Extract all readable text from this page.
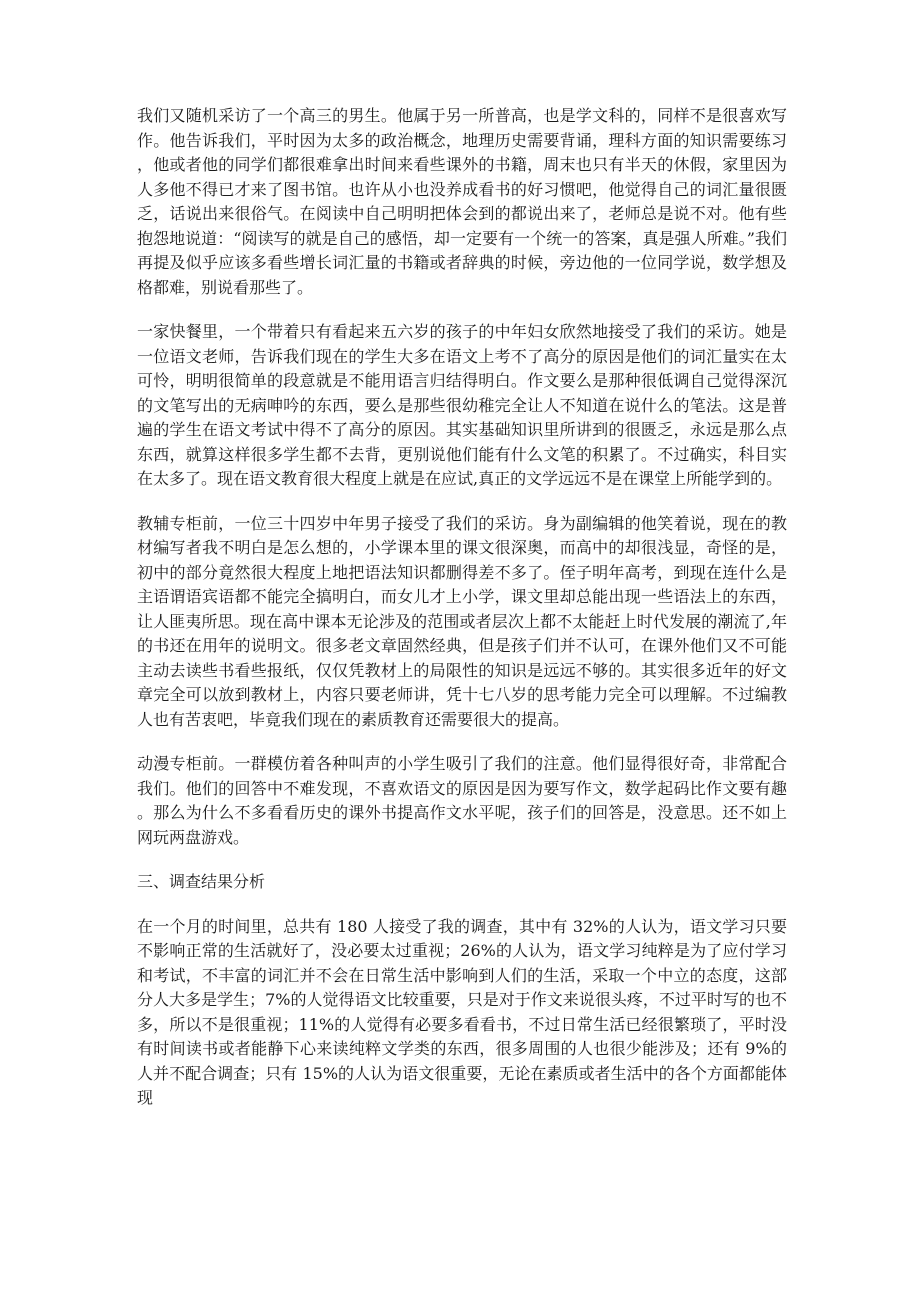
我们又随机采访了一个高三的男生。他属于另一所普高，也是学文科的，同样不是很喜欢写作。他告诉我们，平时因为太多的政治概念，地理历史需要背诵，理科方面的知识需要练习，他或者他的同学们都很难拿出时间来看些课外的书籍，周末也只有半天的休假，家里因为人多他不得已才来了图书馆。也许从小也没养成看书的好习惯吧，他觉得自己的词汇量很匮乏，话说出来很俗气。在阅读中自己明明把体会到的都说出来了，老师总是说不对。他有些抱怨地说道：“阅读写的就是自己的感悟，却一定要有一个统一的答案，真是强人所难。”我们再提及似乎应该多看些增长词汇量的书籍或者辞典的时候，旁边他的一位同学说，数学想及格都难，别说看那些了。

一家快餐里，一个带着只有看起来五六岁的孩子的中年妇女欣然地接受了我们的采访。她是一位语文老师，告诉我们现在的学生大多在语文上考不了高分的原因是他们的词汇量实在太可怜，明明很简单的段意就是不能用语言归结得明白。作文要么是那种很低调自己觉得深沉的文笔写出的无病呻吟的东西，要么是那些很幼稚完全让人不知道在说什么的笔法。这是普遍的学生在语文考试中得不了高分的原因。其实基础知识里所讲到的很匮乏，永远是那么点东西，就算这样很多学生都不去背，更别说他们能有什么文笔的积累了。不过确实，科目实在太多了。现在语文教育很大程度上就是在应试,真正的文学远远不是在课堂上所能学到的。

教辅专柜前，一位三十四岁中年男子接受了我们的采访。身为副编辑的他笑着说，现在的教材编写者我不明白是怎么想的，小学课本里的课文很深奥，而高中的却很浅显，奇怪的是，初中的部分竟然很大程度上地把语法知识都删得差不多了。侄子明年高考，到现在连什么是主语谓语宾语都不能完全搞明白，而女儿才上小学，课文里却总能出现一些语法上的东西，让人匪夷所思。现在高中课本无论涉及的范围或者层次上都不太能赶上时代发展的潮流了,年的书还在用年的说明文。很多老文章固然经典，但是孩子们并不认可，在课外他们又不可能主动去读些书看些报纸，仅仅凭教材上的局限性的知识是远远不够的。其实很多近年的好文章完全可以放到教材上，内容只要老师讲，凭十七八岁的思考能力完全可以理解。不过编教人也有苦衷吧，毕竟我们现在的素质教育还需要很大的提高。

动漫专柜前。一群模仿着各种叫声的小学生吸引了我们的注意。他们显得很好奇，非常配合我们。他们的回答中不难发现，不喜欢语文的原因是因为要写作文，数学起码比作文要有趣。那么为什么不多看看历史的课外书提高作文水平呢，孩子们的回答是，没意思。还不如上网玩两盘游戏。

三、调查结果分析

在一个月的时间里，总共有 180 人接受了我的调查，其中有 32%的人认为，语文学习只要不影响正常的生活就好了，没必要太过重视；26%的人认为，语文学习纯粹是为了应付学习和考试，不丰富的词汇并不会在日常生活中影响到人们的生活，采取一个中立的态度，这部分人大多是学生；7%的人觉得语文比较重要，只是对于作文来说很头疼，不过平时写的也不多，所以不是很重视；11%的人觉得有必要多看看书，不过日常生活已经很繁琐了，平时没有时间读书或者能静下心来读纯粹文学类的东西，很多周围的人也很少能涉及；还有 9%的人并不配合调查；只有 15%的人认为语文很重要，无论在素质或者生活中的各个方面都能体现
